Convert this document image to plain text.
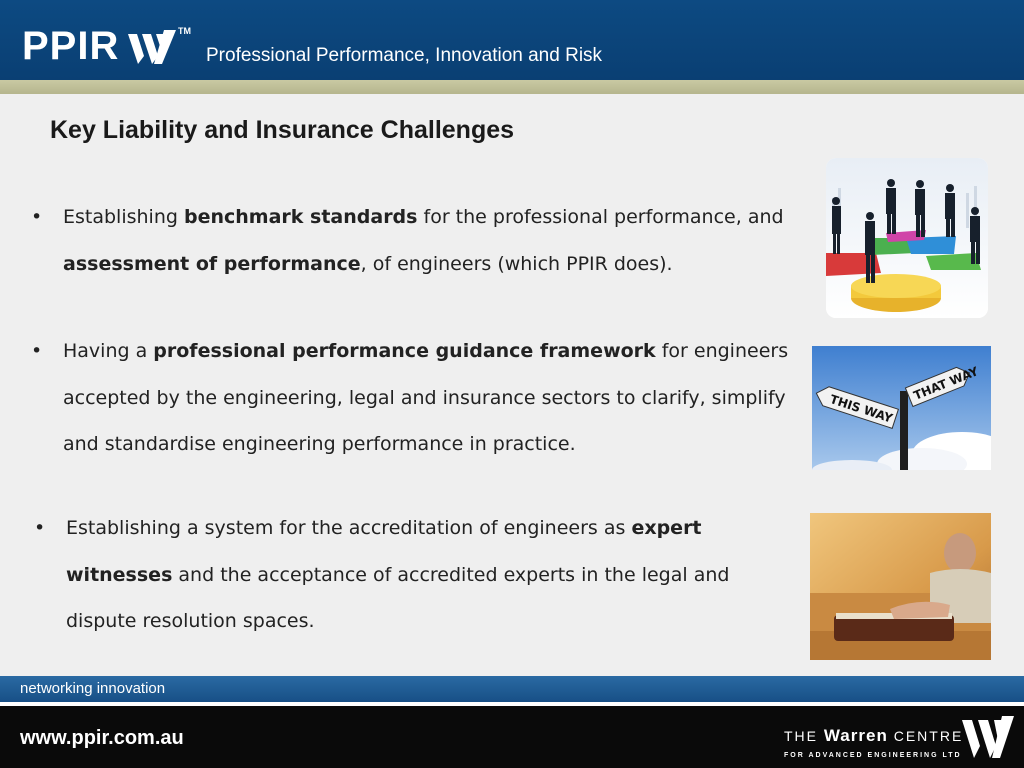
PPIR	TM
Professional Performance, Innovation and Risk
Key Liability and Insurance Challenges
• Establishing benchmark standards for the professional performance, and assessment of performance, of engineers (which PPIR does).
• Having a professional performance guidance framework for engineers accepted by the engineering, legal and insurance sectors to clarify, simplify and standardise engineering performance in practice.
• Establishing a system for the accreditation of engineers as expert witnesses and the acceptance of accredited experts in the legal and dispute resolution spaces.
THAT WAY
THIS WAY
networking innovation
www.ppir.com.au	THE Warren CENTRE
FOR ADVANCED ENGINEERING LTD
